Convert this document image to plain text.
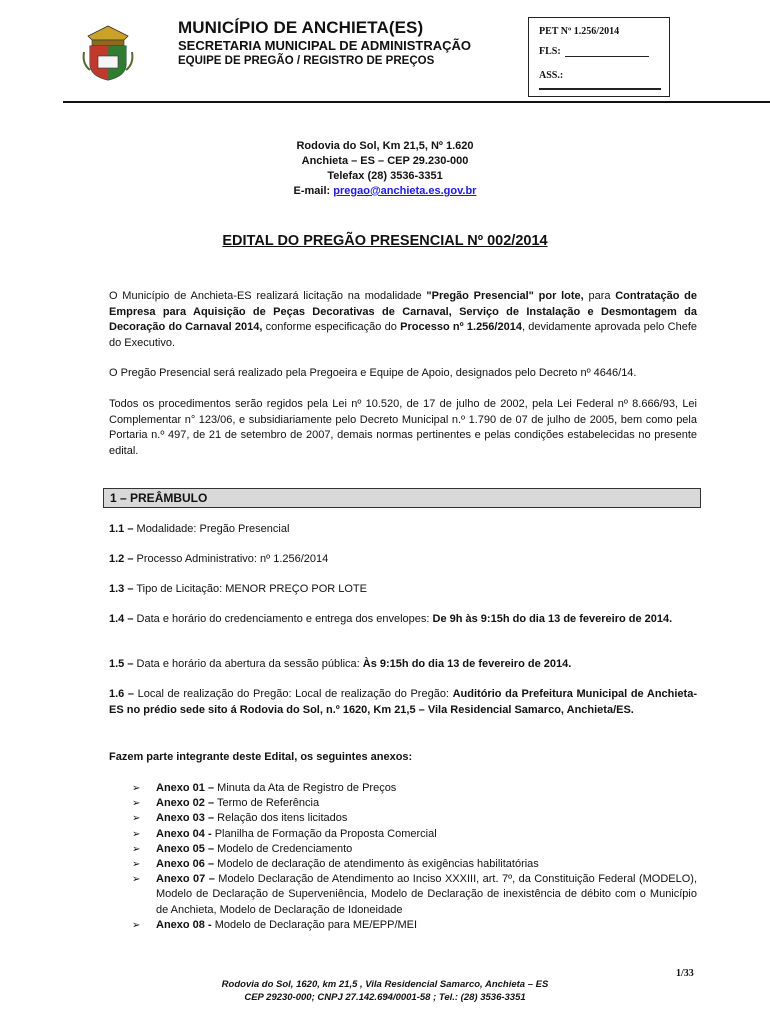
MUNICÍPIO DE ANCHIETA(ES)
SECRETARIA MUNICIPAL DE ADMINISTRAÇÃO
EQUIPE DE PREGÃO / REGISTRO DE PREÇOS
PET Nº 1.256/2014
FLS:
ASS.:
Rodovia do Sol, Km 21,5, Nº 1.620
Anchieta – ES – CEP 29.230-000
Telefax (28) 3536-3351
E-mail: pregao@anchieta.es.gov.br
EDITAL DO PREGÃO PRESENCIAL Nº 002/2014
O Município de Anchieta-ES realizará licitação na modalidade "Pregão Presencial" por lote, para Contratação de Empresa para Aquisição de Peças Decorativas de Carnaval, Serviço de Instalação e Desmontagem da Decoração do Carnaval 2014, conforme especificação do Processo nº 1.256/2014, devidamente aprovada pelo Chefe do Executivo.
O Pregão Presencial será realizado pela Pregoeira e Equipe de Apoio, designados pelo Decreto nº 4646/14.
Todos os procedimentos serão regidos pela Lei nº 10.520, de 17 de julho de 2002, pela Lei Federal nº 8.666/93, Lei Complementar n° 123/06, e subsidiariamente pelo Decreto Municipal n.º 1.790 de 07 de julho de 2005, bem como pela Portaria n.º 497, de 21 de setembro de 2007, demais normas pertinentes e pelas condições estabelecidas no presente edital.
1 – PREÂMBULO
1.1 – Modalidade: Pregão Presencial
1.2 – Processo Administrativo: nº 1.256/2014
1.3 – Tipo de Licitação: MENOR PREÇO POR LOTE
1.4 – Data e horário do credenciamento e entrega dos envelopes: De 9h às 9:15h do dia 13 de fevereiro de 2014.
1.5 – Data e horário da abertura da sessão pública: Às 9:15h do dia 13 de fevereiro de 2014.
1.6 – Local de realização do Pregão: Local de realização do Pregão: Auditório da Prefeitura Municipal de Anchieta-ES no prédio sede sito á Rodovia do Sol, n.º 1620, Km 21,5 – Vila Residencial Samarco, Anchieta/ES.
Fazem parte integrante deste Edital, os seguintes anexos:
➢ Anexo 01 – Minuta da Ata de Registro de Preços
➢ Anexo 02 – Termo de Referência
➢ Anexo 03 – Relação dos itens licitados
➢ Anexo 04 - Planilha de Formação da Proposta Comercial
➢ Anexo 05 – Modelo de Credenciamento
➢ Anexo 06 – Modelo de declaração de atendimento às exigências habilitatórias
➢ Anexo 07 – Modelo Declaração de Atendimento ao Inciso XXXIII, art. 7º, da Constituição Federal (MODELO), Modelo de Declaração de Superveniência, Modelo de Declaração de inexistência de débito com o Município de Anchieta, Modelo de Declaração de Idoneidade
➢ Anexo 08 - Modelo de Declaração para ME/EPP/MEI
1/33
Rodovia do Sol, 1620, km 21,5 , Vila Residencial Samarco, Anchieta – ES
CEP 29230-000; CNPJ 27.142.694/0001-58 ; Tel.: (28) 3536-3351
